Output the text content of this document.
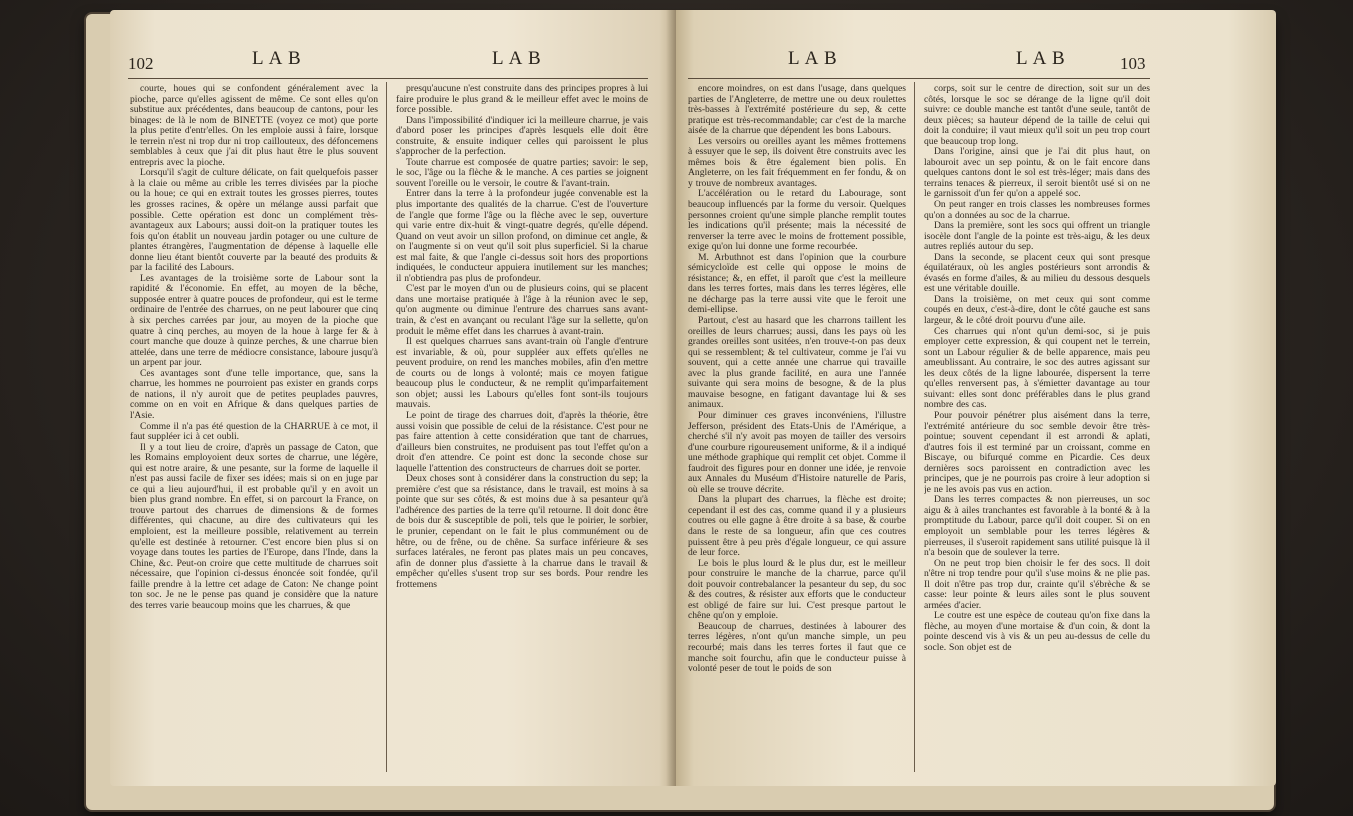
102	L A B	L A B

courte, houes qui se confondent généralement avec la pioche, parce qu'elles agissent de même. Ce sont elles qu'on substitue aux précédentes, dans beaucoup de cantons, pour les binages: de là le nom de BINETTE (voyez ce mot) que porte la plus petite d'entr'elles. On les emploie aussi à faire, lorsque le terrein n'est ni trop dur ni trop caillouteux, des défoncemens semblables à ceux que j'ai dit plus haut être le plus souvent entrepris avec la pioche.

Lorsqu'il s'agit de culture délicate, on fait quelquefois passer à la claie ou même au crible les terres divisées par la pioche ou la houe; ce qui en extrait toutes les grosses pierres, toutes les grosses racines, & opère un mélange aussi parfait que possible. Cette opération est donc un complément très-avantageux aux Labours; aussi doit-on la pratiquer toutes les fois qu'on établit un nouveau jardin potager ou une culture de plantes étrangères, l'augmentation de dépense à laquelle elle donne lieu étant bientôt couverte par la beauté des produits & par la facilité des Labours.

Les avantages de la troisième sorte de Labour sont la rapidité & l'économie. En effet, au moyen de la bêche, supposée entrer à quatre pouces de profondeur, qui est le terme ordinaire de l'entrée des charrues, on ne peut labourer que cinq à six perches carrées par jour, au moyen de la pioche que quatre à cinq perches, au moyen de la houe à large fer & à court manche que douze à quinze perches, & une charrue bien attelée, dans une terre de médiocre consistance, laboure jusqu'à un arpent par jour.

Ces avantages sont d'une telle importance, que, sans la charrue, les hommes ne pourroient pas exister en grands corps de nations, il n'y auroit que de petites peuplades pauvres, comme on en voit en Afrique & dans quelques parties de l'Asie.

Comme il n'a pas été question de la CHARRUE à ce mot, il faut suppléer ici à cet oubli.

Il y a tout lieu de croire, d'après un passage de Caton, que les Romains employoient deux sortes de charrue, une légère, qui est notre araire, & une pesante, sur la forme de laquelle il n'est pas aussi facile de fixer ses idées; mais si on en juge par ce qui a lieu aujourd'hui, il est probable qu'il y en avoit un bien plus grand nombre. En effet, si on parcourt la France, on trouve partout des charrues de dimensions & de formes différentes, qui chacune, au dire des cultivateurs qui les emploient, est la meilleure possible, relativement au terrein qu'elle est destinée à retourner. C'est encore bien plus si on voyage dans toutes les parties de l'Europe, dans l'Inde, dans la Chine, &c. Peut-on croire que cette multitude de charrues soit nécessaire, que l'opinion ci-dessus énoncée soit fondée, qu'il faille prendre à la lettre cet adage de Caton: Ne change point ton soc. Je ne le pense pas quand je considère que la nature des terres varie beaucoup moins que les charrues, & que

presqu'aucune n'est construite dans des principes propres à lui faire produire le plus grand & le meilleur effet avec le moins de force possible.

Dans l'impossibilité d'indiquer ici la meilleure charrue, je vais d'abord poser les principes d'après lesquels elle doit être construite, & ensuite indiquer celles qui paroissent le plus s'approcher de la perfection.

Toute charrue est composée de quatre parties; savoir: le sep, le soc, l'âge ou la flèche & le manche. A ces parties se joignent souvent l'oreille ou le versoir, le coutre & l'avant-train.

Entrer dans la terre à la profondeur jugée convenable est la plus importante des qualités de la charrue. C'est de l'ouverture de l'angle que forme l'âge ou la flèche avec le sep, ouverture qui varie entre dix-huit & vingt-quatre degrés, qu'elle dépend. Quand on veut avoir un sillon profond, on diminue cet angle, & on l'augmente si on veut qu'il soit plus superficiel. Si la charue est mal faite, & que l'angle ci-dessus soit hors des proportions indiquées, le conducteur appuiera inutilement sur les manches; il n'obtiendra pas plus de profondeur.

C'est par le moyen d'un ou de plusieurs coins, qui se placent dans une mortaise pratiquée à l'âge à la réunion avec le sep, qu'on augmente ou diminue l'entrure des charrues sans avant-train, & c'est en avançant ou reculant l'âge sur la sellette, qu'on produit le même effet dans les charrues à avant-train.

Il est quelques charrues sans avant-train où l'angle d'entrure est invariable, & où, pour suppléer aux effets qu'elles ne peuvent produire, on rend les manches mobiles, afin d'en mettre de courts ou de longs à volonté; mais ce moyen fatigue beaucoup plus le conducteur, & ne remplit qu'imparfaitement son objet; aussi les Labours qu'elles font sont-ils toujours mauvais.

Le point de tirage des charrues doit, d'après la théorie, être aussi voisin que possible de celui de la résistance. C'est pour ne pas faire attention à cette considération que tant de charrues, d'ailleurs bien construites, ne produisent pas tout l'effet qu'on a droit d'en attendre. Ce point est donc la seconde chose sur laquelle l'attention des constructeurs de charrues doit se porter.

Deux choses sont à considérer dans la construction du sep; la première c'est que sa résistance, dans le travail, est moins à sa pointe que sur ses côtés, & est moins due à sa pesanteur qu'à l'adhérence des parties de la terre qu'il retourne. Il doit donc être de bois dur & susceptible de poli, tels que le poirier, le sorbier, le prunier, cependant on le fait le plus communément ou de hêtre, ou de frêne, ou de chêne. Sa surface inférieure & ses surfaces latérales, ne feront pas plates mais un peu concaves, afin de donner plus d'assiette à la charrue dans le travail & empêcher qu'elles s'usent trop sur ses bords. Pour rendre les frottemens

L A B	L A B	103

encore moindres, on est dans l'usage, dans quelques parties de l'Angleterre, de mettre une ou deux roulettes très-basses à l'extrémité postérieure du sep, & cette pratique est très-recommandable; car c'est de la marche aisée de la charrue que dépendent les bons Labours.

Les versoirs ou oreilles ayant les mêmes frottemens à essuyer que le sep, ils doivent être construits avec les mêmes bois & être également bien polis. En Angleterre, on les fait fréquemment en fer fondu, & on y trouve de nombreux avantages.

L'accélération ou le retard du Labourage, sont beaucoup influencés par la forme du versoir. Quelques personnes croient qu'une simple planche remplit toutes les indications qu'il présente; mais la nécessité de renverser la terre avec le moins de frottement possible, exige qu'on lui donne une forme recourbée.

M. Arbuthnot est dans l'opinion que la courbure sémicycloïde est celle qui oppose le moins de résistance; &, en effet, il paroît que c'est la meilleure dans les terres fortes, mais dans les terres légères, elle ne décharge pas la terre aussi vite que le feroit une demi-ellipse.

Partout, c'est au hasard que les charrons taillent les oreilles de leurs charrues; aussi, dans les pays où les grandes oreilles sont usitées, n'en trouve-t-on pas deux qui se ressemblent; & tel cultivateur, comme je l'ai vu souvent, qui a cette année une charrue qui travaille avec la plus grande facilité, en aura une l'année suivante qui sera moins de besogne, & de la plus mauvaise besogne, en fatigant davantage lui & ses animaux.

Pour diminuer ces graves inconvéniens, l'illustre Jefferson, président des Etats-Unis de l'Amérique, a cherché s'il n'y avoit pas moyen de tailler des versoirs d'une courbure rigoureusement uniforme, & il a indiqué une méthode graphique qui remplit cet objet. Comme il faudroit des figures pour en donner une idée, je renvoie aux Annales du Muséum d'Histoire naturelle de Paris, où elle se trouve décrite.

Dans la plupart des charrues, la flèche est droite; cependant il est des cas, comme quand il y a plusieurs coutres ou elle gagne à être droite à sa base, & courbe dans le reste de sa longueur, afin que ces coutres puissent être à peu près d'égale longueur, ce qui assure de leur force.

Le bois le plus lourd & le plus dur, est le meilleur pour construire le manche de la charrue, parce qu'il doit pouvoir contrebalancer la pesanteur du sep, du soc & des coutres, & résister aux efforts que le conducteur est obligé de faire sur lui. C'est presque partout le chêne qu'on y emploie.

Beaucoup de charrues, destinées à labourer des terres légères, n'ont qu'un manche simple, un peu recourbé; mais dans les terres fortes il faut que ce manche soit fourchu, afin que le conducteur puisse à volonté peser de tout le poids de son

corps, soit sur le centre de direction, soit sur un des côtés, lorsque le soc se dérange de la ligne qu'il doit suivre: ce double manche est tantôt d'une seule, tantôt de deux pièces; sa hauteur dépend de la taille de celui qui doit la conduire; il vaut mieux qu'il soit un peu trop court que beaucoup trop long.

Dans l'origine, ainsi que je l'ai dit plus haut, on labouroit avec un sep pointu, & on le fait encore dans quelques cantons dont le sol est très-léger; mais dans des terrains tenaces & pierreux, il seroit bientôt usé si on ne le garnissoit d'un fer qu'on a appelé soc.

On peut ranger en trois classes les nombreuses formes qu'on a données au soc de la charrue.

Dans la première, sont les socs qui offrent un triangle isocèle dont l'angle de la pointe est très-aigu, & les deux autres repliés autour du sep.

Dans la seconde, se placent ceux qui sont presque équilatéraux, où les angles postérieurs sont arrondis & évasés en forme d'ailes, & au milieu du dessous desquels est une véritable douille.

Dans la troisième, on met ceux qui sont comme coupés en deux, c'est-à-dire, dont le côté gauche est sans largeur, & le côté droit pourvu d'une aile.

Ces charrues qui n'ont qu'un demi-soc, si je puis employer cette expression, & qui coupent net le terrein, sont un Labour régulier & de belle apparence, mais peu ameublissant. Au contraire, le soc des autres agissant sur les deux côtés de la ligne labourée, dispersent la terre qu'elles renversent pas, à s'émietter davantage au tour suivant: elles sont donc préférables dans le plus grand nombre des cas.

Pour pouvoir pénétrer plus aisément dans la terre, l'extrémité antérieure du soc semble devoir être très-pointue; souvent cependant il est arrondi & aplati, d'autres fois il est terminé par un croissant, comme en Biscaye, ou bifurqué comme en Picardie. Ces deux dernières socs paroissent en contradiction avec les principes, que je ne pourrois pas croire à leur adoption si je ne les avois pas vus en action.

Dans les terres compactes & non pierreuses, un soc aigu & à ailes tranchantes est favorable à la bonté & à la promptitude du Labour, parce qu'il doit couper. Si on en employoit un semblable pour les terres légères & pierreuses, il s'useroit rapidement sans utilité puisque là il n'a besoin que de soulever la terre.

On ne peut trop bien choisir le fer des socs. Il doit n'être ni trop tendre pour qu'il s'use moins & ne plie pas. Il doit n'être pas trop dur, crainte qu'il s'ébrèche & se casse: leur pointe & leurs ailes sont le plus souvent armées d'acier.

Le coutre est une espèce de couteau qu'on fixe dans la flèche, au moyen d'une mortaise & d'un coin, & dont la pointe descend vis à vis & un peu au-dessus de celle du socle. Son objet est de
